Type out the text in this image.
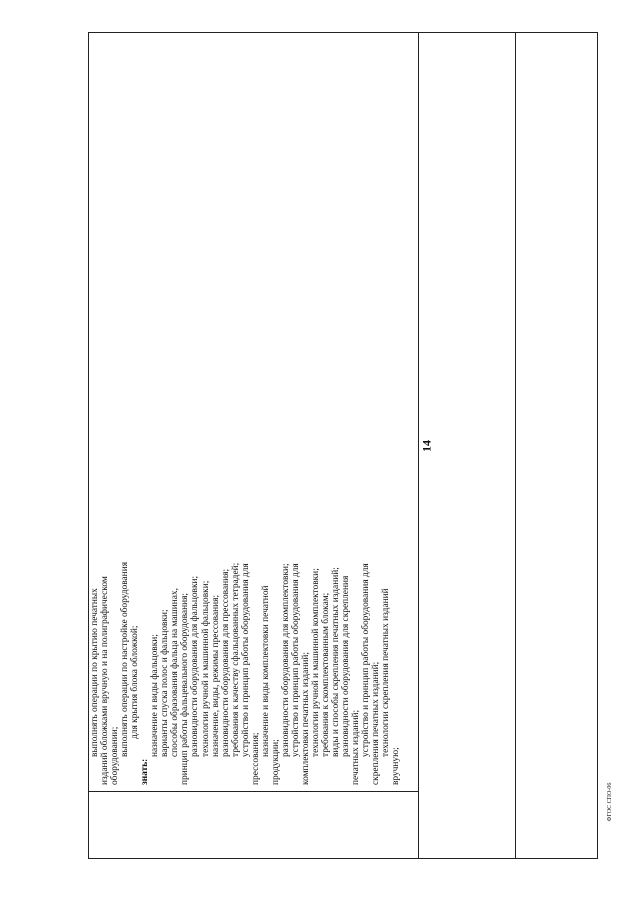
14
выполнять операции по крытию печатных изданий обложками вручную и на полиграфическом оборудовании; выполнять операции по настройке оборудования для крытия блока обложкой;
знать:
назначение и виды фальцовки; варианты спуска полос и фальцовки; способы образования фальца на машинах, принцип работы фальцевального оборудования; разновидности оборудования для фальцовки; технологии ручной и машинной фальцовки; назначение, виды, режимы прессования; разновидности оборудования для прессования; требования к качеству сфальцованных тетрадей; устройство и принцип работы оборудования для
прессования;
назначение и виды комплектовки печатной
продукции;
разновидности оборудования для комплектовки; устройство и принцип работы оборудования для комплектовки печатных изданий; технологии ручной и машинной комплектовки; требования к скомплектованным блокам; виды и способы скрепления печатных изданий; разновидности оборудования для скрепления печатных изданий; устройство и принцип работы оборудования для скрепления печатных изданий; технологии скрепления печатных изданий
вручную;
ФГОС СПО-06
